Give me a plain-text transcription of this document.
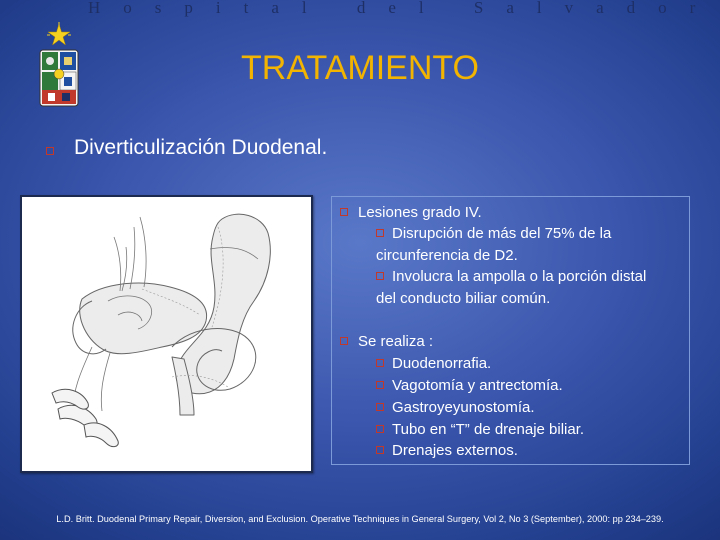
Hospital del Salvador
TRATAMIENTO
Diverticulización Duodenal.
Lesiones grado IV.
Disrupción de más del 75% de la
circunferencia de D2.
Involucra la ampolla o la porción distal
del conducto biliar común.
Se realiza :
Duodenorrafia.
Vagotomía y antrectomía.
Gastroyeyunostomía.
Tubo en “T” de drenaje biliar.
Drenajes externos.
L.D. Britt. Duodenal Primary Repair, Diversion, and Exclusion. Operative Techniques in General Surgery, Vol 2, No 3 (September), 2000: pp 234–239.
